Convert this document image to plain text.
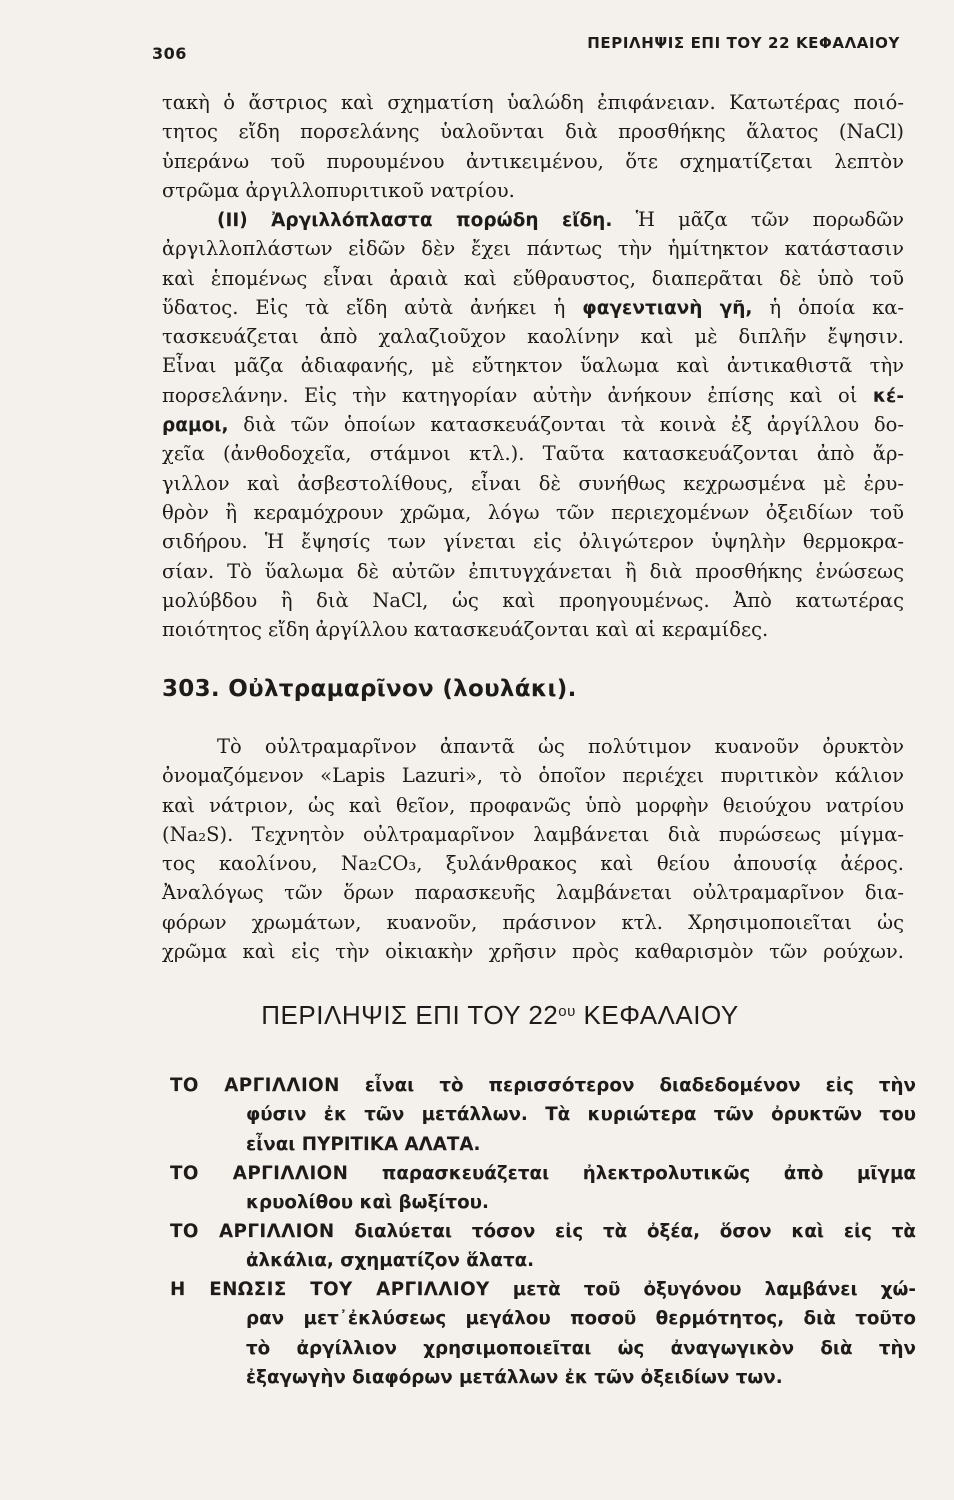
306
ΠΕΡΙΛΗΨΙΣ ΕΠΙ ΤΟΥ 22 ΚΕΦΑΛΑΙΟΥ
τακὴ ὁ ἄστριος καὶ σχηματίση ὑαλώδη ἐπιφάνειαν. Κατωτέρας ποιό-
τητος εἴδη πορσελάνης ὑαλοῦνται διὰ προσθήκης ἅλατος (NaCl)
ὑπεράνω τοῦ πυρουμένου ἀντικειμένου, ὅτε σχηματίζεται λεπτὸν
στρῶμα ἀργιλλοπυριτικοῦ νατρίου.
(ΙΙ) Ἀργιλλόπλαστα πορώδη εἴδη. Ἡ μᾶζα τῶν πορωδῶν
ἀργιλλοπλάστων εἰδῶν δὲν ἔχει πάντως τὴν ἡμίτηκτον κατάστασιν
καὶ ἑπομένως εἶναι ἀραιὰ καὶ εὔθραυστος, διαπερᾶται δὲ ὑπὸ τοῦ
ὕδατος. Εἰς τὰ εἴδη αὐτὰ ἀνήκει ἡ φαγεντιανὴ γῆ, ἡ ὁποία κα-
τασκευάζεται ἀπὸ χαλαζιοῦχον καολίνην καὶ μὲ διπλῆν ἔψησιν.
Εἶναι μᾶζα ἀδιαφανής, μὲ εὔτηκτον ὕαλωμα καὶ ἀντικαθιστᾶ τὴν
πορσελάνην. Εἰς τὴν κατηγορίαν αὐτὴν ἀνήκουν ἐπίσης καὶ οἱ κέ-
ραμοι, διὰ τῶν ὁποίων κατασκευάζονται τὰ κοινὰ ἐξ ἀργίλλου δο-
χεῖα (ἀνθοδοχεῖα, στάμνοι κτλ.). Ταῦτα κατασκευάζονται ἀπὸ ἄρ-
γιλλον καὶ ἀσβεστολίθους, εἶναι δὲ συνήθως κεχρωσμένα μὲ ἐρυ-
θρὸν ἢ κεραμόχρουν χρῶμα, λόγω τῶν περιεχομένων ὀξειδίων τοῦ
σιδήρου. Ἡ ἔψησίς των γίνεται εἰς ὀλιγώτερον ὑψηλὴν θερμοκρα-
σίαν. Τὸ ὕαλωμα δὲ αὐτῶν ἐπιτυγχάνεται ἢ διὰ προσθήκης ἑνώσεως
μολύβδου ἢ διὰ NaCl, ὡς καὶ προηγουμένως. Ἀπὸ κατωτέρας
ποιότητος εἴδη ἀργίλλου κατασκευάζονται καὶ αἱ κεραμίδες.
303. Οὐλτραμαρῖνον (λουλάκι).
Τὸ οὐλτραμαρῖνον ἀπαντᾶ ὡς πολύτιμον κυανοῦν ὀρυκτὸν
ὀνομαζόμενον «Lapis Lazuri», τὸ ὁποῖον περιέχει πυριτικὸν κάλιον
καὶ νάτριον, ὡς καὶ θεῖον, προφανῶς ὑπὸ μορφὴν θειούχου νατρίου
(Na₂S). Τεχνητὸν οὐλτραμαρῖνον λαμβάνεται διὰ πυρώσεως μίγμα-
τος καολίνου, Na₂CO₃, ξυλάνθρακος καὶ θείου ἀπουσίᾳ ἀέρος.
Ἀναλόγως τῶν ὅρων παρασκευῆς λαμβάνεται οὐλτραμαρῖνον δια-
φόρων χρωμάτων, κυανοῦν, πράσινον κτλ. Χρησιμοποιεῖται ὡς
χρῶμα καὶ εἰς τὴν οἰκιακὴν χρῆσιν πρὸς καθαρισμὸν τῶν ρούχων.
ΠΕΡΙΛΗΨΙΣ ΕΠΙ ΤΟΥ $22^{o\upsilon}$ ΚΕΦΑΛΑΙΟΥ
ΤΟ ΑΡΓΙΛΛΙΟΝ εἶναι τὸ περισσότερον διαδεδομένον εἰς τὴν
φύσιν ἐκ τῶν μετάλλων. Τὰ κυριώτερα τῶν ὀρυκτῶν του
εἶναι ΠΥΡΙΤΙΚΑ ΑΛΑΤΑ.
ΤΟ ΑΡΓΙΛΛΙΟΝ παρασκευάζεται ἠλεκτρολυτικῶς ἀπὸ μῖγμα
κρυολίθου καὶ βωξίτου.
ΤΟ ΑΡΓΙΛΛΙΟΝ διαλύεται τόσον εἰς τὰ ὀξέα, ὅσον καὶ εἰς τὰ
ἀλκάλια, σχηματίζον ἅλατα.
Η ΕΝΩΣΙΣ ΤΟΥ ΑΡΓΙΛΛΙΟΥ μετὰ τοῦ ὀξυγόνου λαμβάνει χώ-
ραν μετ᾽ἐκλύσεως μεγάλου ποσοῦ θερμότητος, διὰ τοῦτο
τὸ ἀργίλλιον χρησιμοποιεῖται ὡς ἀναγωγικὸν διὰ τὴν
ἐξαγωγὴν διαφόρων μετάλλων ἐκ τῶν ὀξειδίων των.
